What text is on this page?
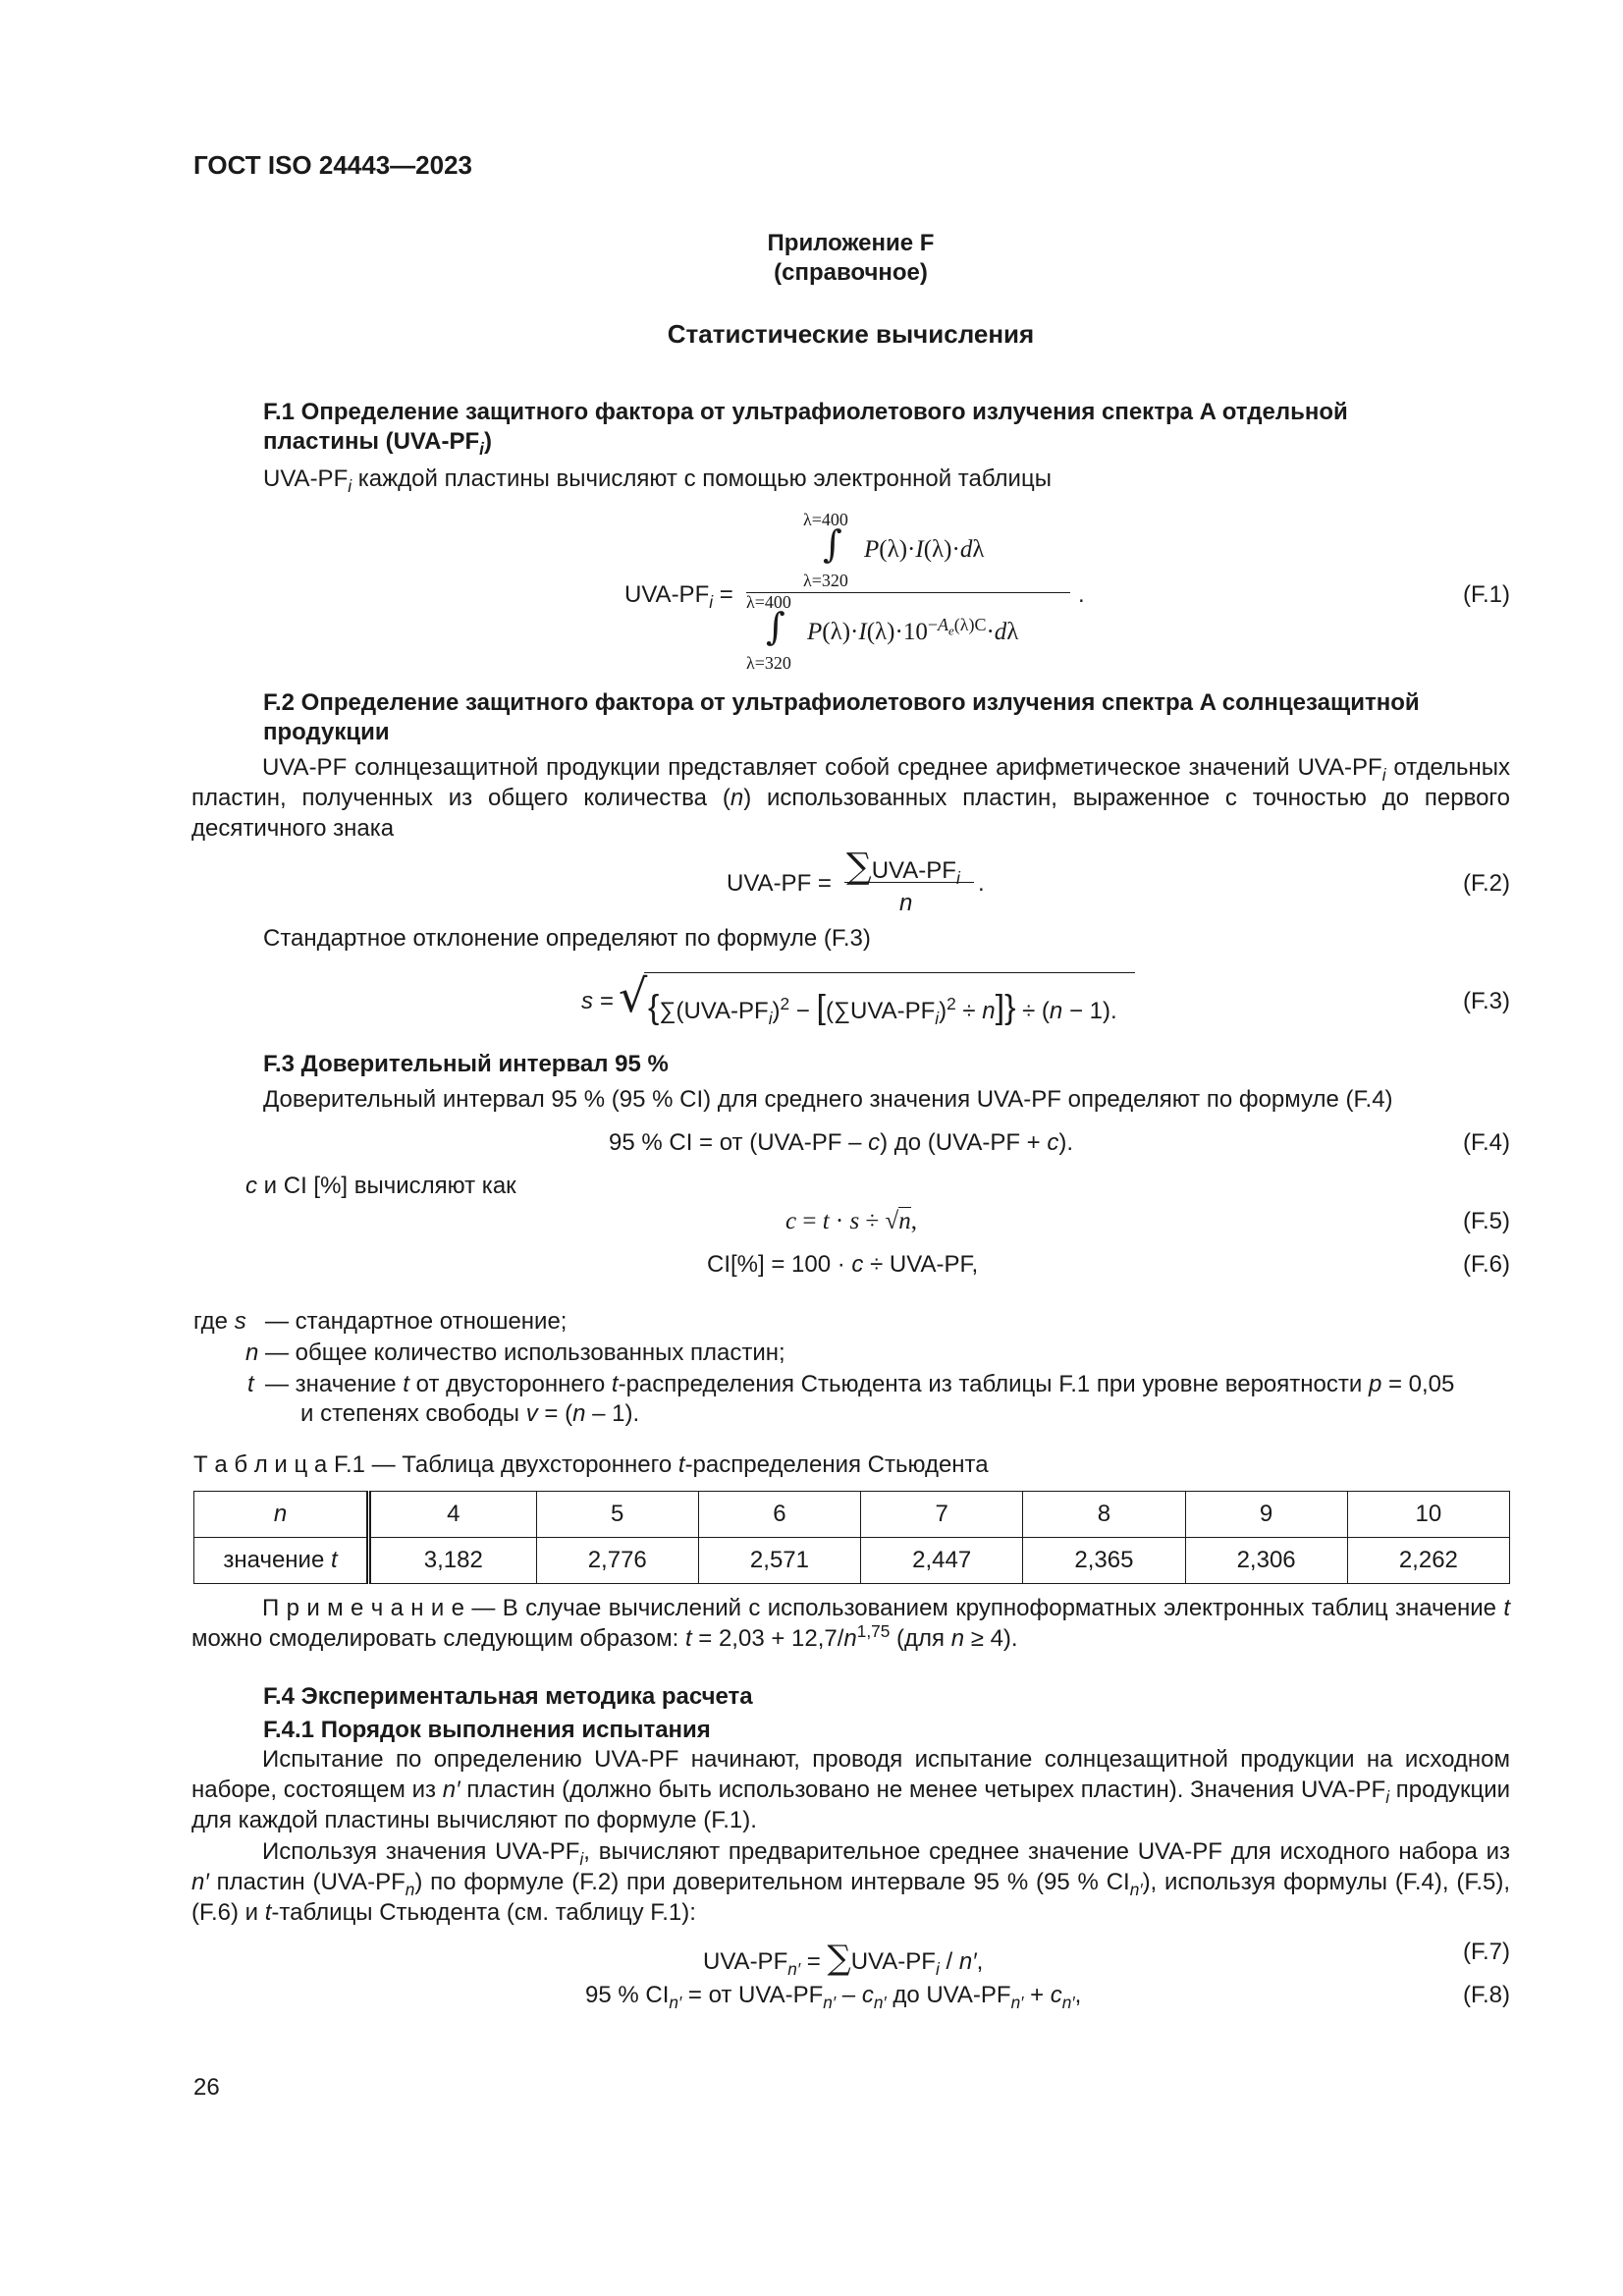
ГОСТ ISO 24443—2023
Приложение F
(справочное)
Статистические вычисления
F.1 Определение защитного фактора от ультрафиолетового излучения спектра A отдельной
пластины $(UVA-PF_i)$
UVA-$PF_i$ каждой пластины вычисляют с помощью электронной таблицы
λ=400
∫ P(λ)·I(λ)·dλ
λ=320
UVA-$PF_i$ =	.
λ=400
∫ $P(\lambda)\cdot I(\lambda)\cdot 10^{-A_e(\lambda)C}\cdot d\lambda$
λ=320
(F.1)
F.2 Определение защитного фактора от ультрафиолетового излучения спектра A солнцезащитной
продукции

UVA-PF солнцезащитной продукции представляет собой среднее арифметическое значений UVA-$PF_i$ отдельных пластин, полученных из общего количества (n) использованных пластин, выраженное с точностью до первого десятичного знака

$UVA-PF = \sum UVA-PF_i$
n
.	(F.2)
Стандартное отклонение определяют по формуле (F.3)
s = √ $\{\sum(UVA-PF_i)^2 - [(\sum UVA-PF_i)^2 \div n]\} \div (n - 1)$.	(F.3)
F.3 Доверительный интервал 95 %
Доверительный интервал 95 % (95 % CI) для среднего значения UVA-PF определяют по формуле (F.4)
95 % CI = от (UVA-PF – c) до (UVA-PF + c).	(F.4)
c и CI [%] вычисляют как
c = t · s ÷ √n,	(F.5)
CI[%] = 100 · c ÷ UVA-PF,	(F.6)
где s — стандартное отношение;
n — общее количество использованных пластин;
t — значение t от двустороннего t-распределения Стьюдента из таблицы F.1 при уровне вероятности p = 0,05
и степенях свободы v = (n – 1).
Т а б л и ц а F.1 — Таблица двухстороннего t-распределения Стьюдента
n	4	5	6	7	8	9	10
значение t	3,182	2,776	2,571	2,447	2,365	2,306	2,262

П р и м е ч а н и е — В случае вычислений с использованием крупноформатных электронных таблиц значение t можно смоделировать следующим образом: $t = 2,03 + 12,7/n^{1,75}$ (для n ≥ 4).

F.4 Экспериментальная методика расчета
F.4.1 Порядок выполнения испытания

Испытание по определению UVA-PF начинают, проводя испытание солнцезащитной продукции на исходном наборе, состоящем из n′ пластин (должно быть использовано не менее четырех пластин). Значения UVA-$PF_i$ продукции для каждой пластины вычисляют по формуле (F.1).

Используя значения UVA-$PF_i$, вычисляют предварительное среднее значение UVA-PF для исходного набора из n′ пластин $(UVA-PF_n)$ по формуле (F.2) при доверительном интервале 95 % (95 % $CI_{n'}$), используя формулы (F.4), (F.5), (F.6) и t-таблицы Стьюдента (см. таблицу F.1):

UVA-$PF_{n'} = \sum UVA-PF_i / n'$,	(F.7)
95 % $CI_{n'}$ = от UVA-$PF_{n'} - c_{n'}$ до UVA-$PF_{n'} + c_{n'}$,	(F.8)
26
